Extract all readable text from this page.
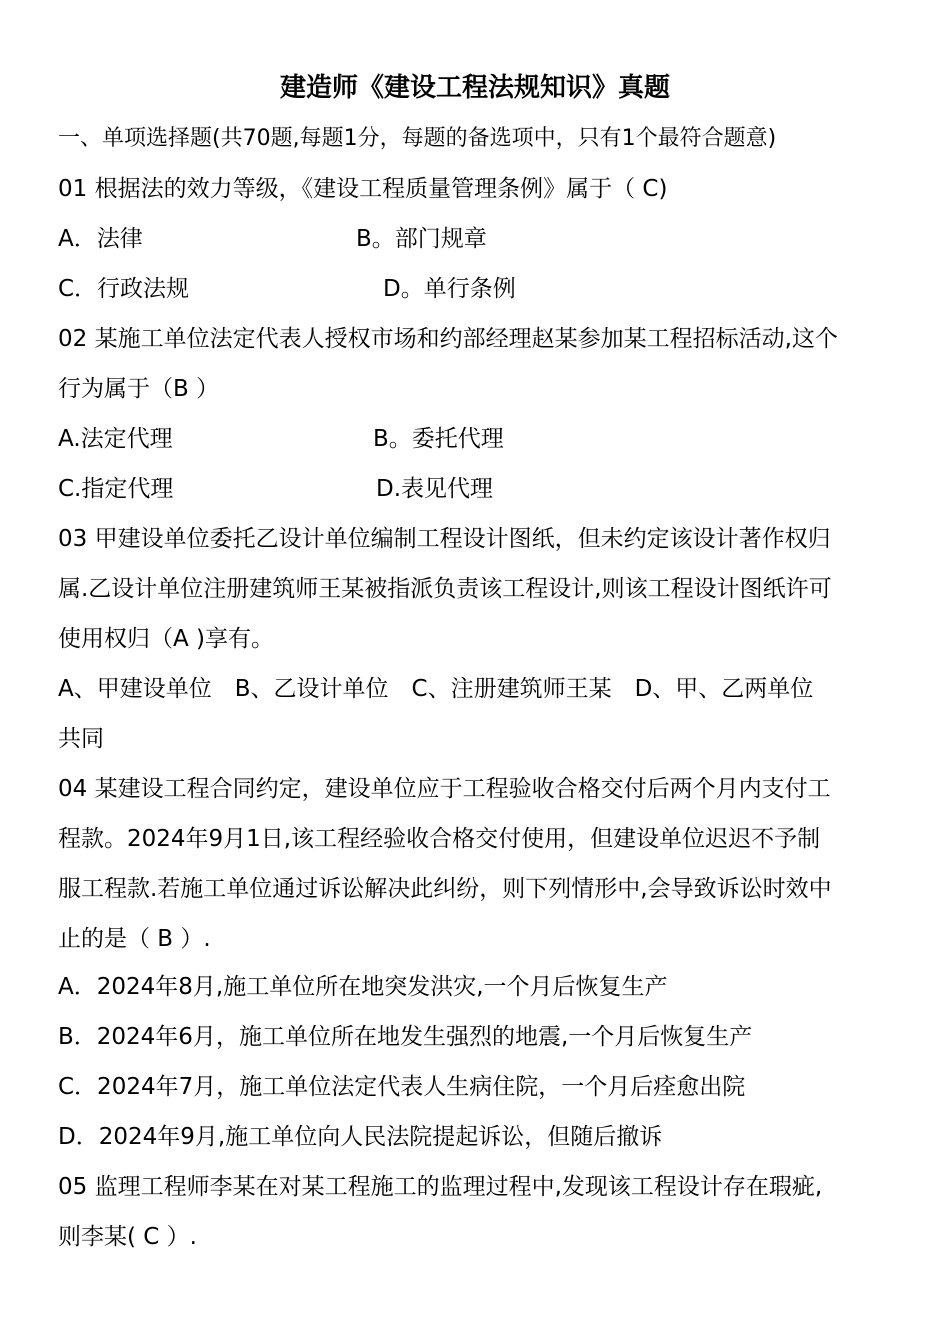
建造师《建设工程法规知识》真题
一、单项选择题(共70题,每题1分，每题的备选项中，只有1个最符合题意)
01 根据法的效力等级，《建设工程质量管理条例》属于（ C)
A．法律	B。部门规章
C．行政法规	D。单行条例
02 某施工单位法定代表人授权市场和约部经理赵某参加某工程招标活动,这个
行为属于（B ）
A.法定代理	B。委托代理
C.指定代理	D.表见代理
03 甲建设单位委托乙设计单位编制工程设计图纸，但未约定该设计著作权归
属.乙设计单位注册建筑师王某被指派负责该工程设计,则该工程设计图纸许可
使用权归（A )享有。
A、甲建设单位　B、乙设计单位　C、注册建筑师王某　D、甲、乙两单位
共同
04 某建设工程合同约定，建设单位应于工程验收合格交付后两个月内支付工
程款。2024年9月1日,该工程经验收合格交付使用，但建设单位迟迟不予制
服工程款.若施工单位通过诉讼解决此纠纷，则下列情形中,会导致诉讼时效中
止的是（ B ）.
A．2024年8月,施工单位所在地突发洪灾,一个月后恢复生产
B．2024年6月，施工单位所在地发生强烈的地震,一个月后恢复生产
C．2024年7月，施工单位法定代表人生病住院，一个月后痊愈出院
D．2024年9月,施工单位向人民法院提起诉讼，但随后撤诉
05 监理工程师李某在对某工程施工的监理过程中,发现该工程设计存在瑕疵,
则李某( C ）.
